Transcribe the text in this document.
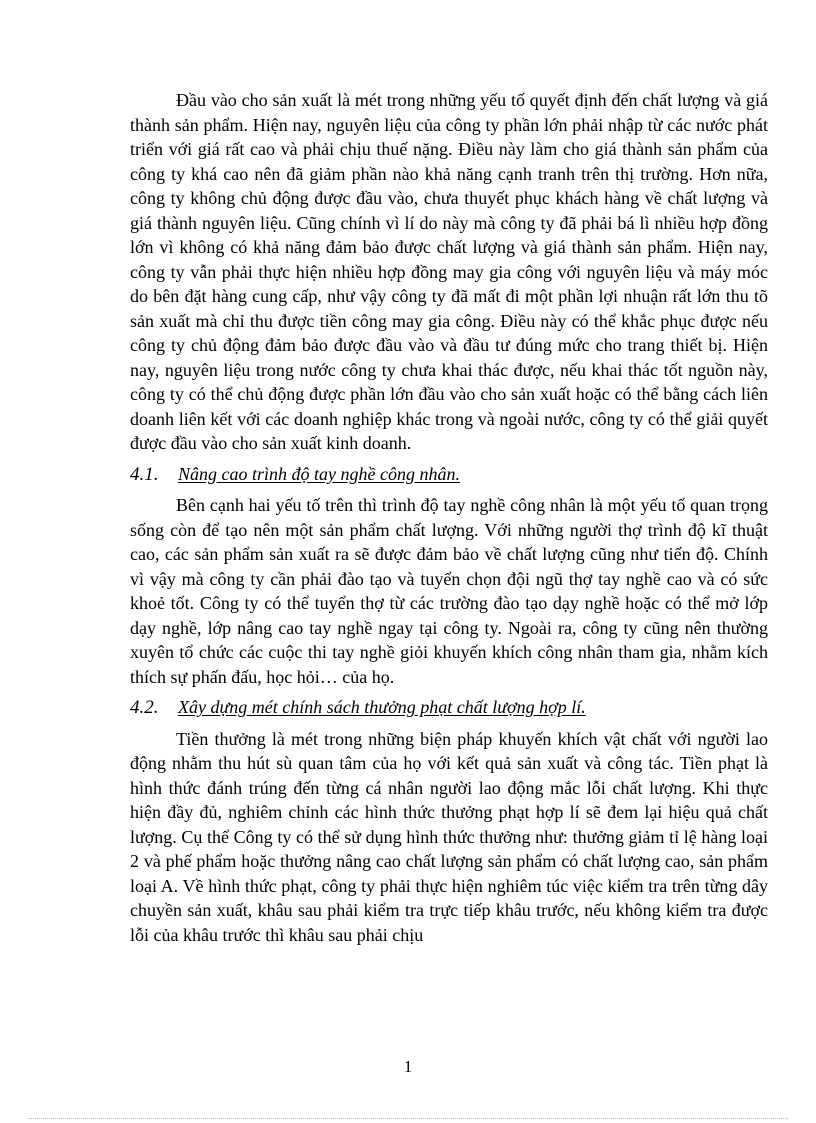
Đầu vào cho sản xuất là mét trong những yếu tố quyết định đến chất lượng và giá thành sản phẩm. Hiện nay, nguyên liệu của công ty phần lớn phải nhập từ các nước phát triển với giá rất cao và phải chịu thuế nặng. Điều này làm cho giá thành sản phẩm của công ty khá cao nên đã giảm phần nào khả năng cạnh tranh trên thị trường. Hơn nữa, công ty không chủ động được đầu vào, chưa thuyết phục khách hàng về chất lượng và giá thành nguyên liệu. Cũng chính vì lí do này mà công ty đã phải bá lì nhiều hợp đồng lớn vì không có khả năng đảm bảo được chất lượng và giá thành sản phẩm. Hiện nay, công ty vẫn phải thực hiện nhiều hợp đồng may gia công với nguyên liệu và máy móc do bên đặt hàng cung cấp, như vậy công ty đã mất đi một phần lợi nhuận rất lớn thu tõ sản xuất mà chỉ thu được tiền công may gia công. Điều này có thể khắc phục được nếu công ty chủ động đảm bảo được đầu vào và đầu tư đúng mức cho trang thiết bị. Hiện nay, nguyên liệu trong nước công ty chưa khai thác được, nếu khai thác tốt nguồn này, công ty có thể chủ động được phần lớn đầu vào cho sản xuất hoặc có thể bằng cách liên doanh liên kết với các doanh nghiệp khác trong và ngoài nước, công ty có thể giải quyết được đầu vào cho sản xuất kinh doanh.

4.1.	Nâng cao trình độ tay nghề công nhân.

Bên cạnh hai yếu tố trên thì trình độ tay nghề công nhân là một yếu tố quan trọng sống còn để tạo nên một sản phẩm chất lượng. Với những người thợ trình độ kĩ thuật cao, các sản phẩm sản xuất ra sẽ được đảm bảo về chất lượng cũng như tiến độ. Chính vì vậy mà công ty cần phải đào tạo và tuyển chọn đội ngũ thợ tay nghề cao và có sức khoẻ tốt. Công ty có thể tuyển thợ từ các trường đào tạo dạy nghề hoặc có thể mở lớp dạy nghề, lớp nâng cao tay nghề ngay tại công ty. Ngoài ra, công ty cũng nên thường xuyên tổ chức các cuộc thi tay nghề giỏi khuyến khích công nhân tham gia, nhằm kích thích sự phấn đấu, học hỏi… của họ.

4.2.	Xây dựng mét chính sách thưởng phạt chất lượng hợp lí.

Tiền thưởng là mét trong những biện pháp khuyến khích vật chất với người lao động nhằm thu hút sù quan tâm của họ với kết quả sản xuất và công tác. Tiền phạt là hình thức đánh trúng đến từng cá nhân người lao động mắc lỗi chất lượng. Khi thực hiện đầy đủ, nghiêm chỉnh các hình thức thưởng phạt hợp lí sẽ đem lại hiệu quả chất lượng. Cụ thể Công ty có thể sử dụng hình thức thưởng như: thưởng giảm tỉ lệ hàng loại 2 và phế phẩm hoặc thưởng nâng cao chất lượng sản phẩm có chất lượng cao, sản phẩm loại A. Về hình thức phạt, công ty phải thực hiện nghiêm túc việc kiểm tra trên từng dây chuyền sản xuất, khâu sau phải kiểm tra trực tiếp khâu trước, nếu không kiểm tra được lỗi của khâu trước thì khâu sau phải chịu

1
